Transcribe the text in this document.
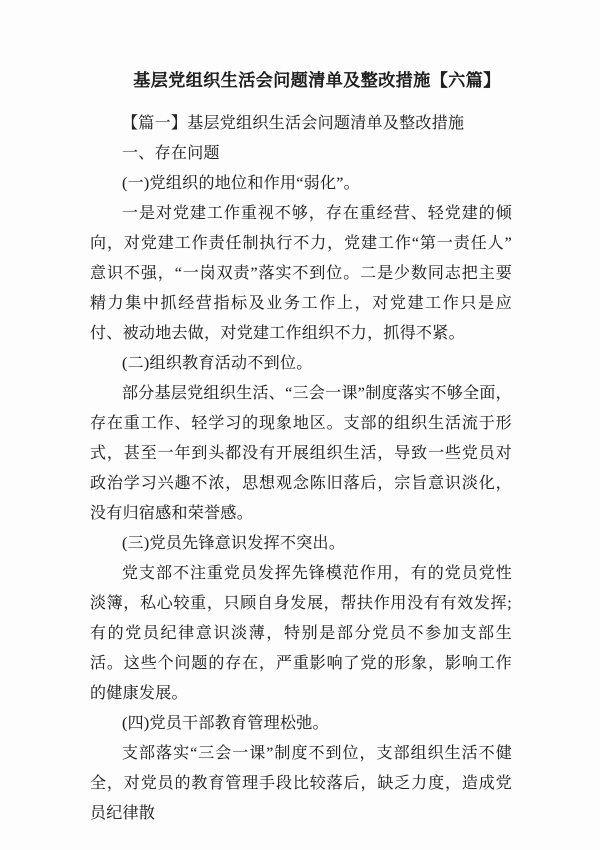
基层党组织生活会问题清单及整改措施【六篇】

【篇一】基层党组织生活会问题清单及整改措施

一、存在问题

(一)党组织的地位和作用“弱化”。

一是对党建工作重视不够，存在重经营、轻党建的倾向，对党建工作责任制执行不力，党建工作“第一责任人”意识不强，“一岗双责”落实不到位。二是少数同志把主要精力集中抓经营指标及业务工作上，对党建工作只是应付、被动地去做，对党建工作组织不力，抓得不紧。

(二)组织教育活动不到位。

部分基层党组织生活、“三会一课”制度落实不够全面，存在重工作、轻学习的现象地区。支部的组织生活流于形式，甚至一年到头都没有开展组织生活，导致一些党员对政治学习兴趣不浓，思想观念陈旧落后，宗旨意识淡化，没有归宿感和荣誉感。

(三)党员先锋意识发挥不突出。

党支部不注重党员发挥先锋模范作用，有的党员党性淡簿，私心较重，只顾自身发展，帮扶作用没有有效发挥;有的党员纪律意识淡薄，特别是部分党员不参加支部生活。这些个问题的存在，严重影响了党的形象，影响工作的健康发展。

(四)党员干部教育管理松弛。

支部落实“三会一课”制度不到位，支部组织生活不健全，对党员的教育管理手段比较落后，缺乏力度，造成党员纪律散
